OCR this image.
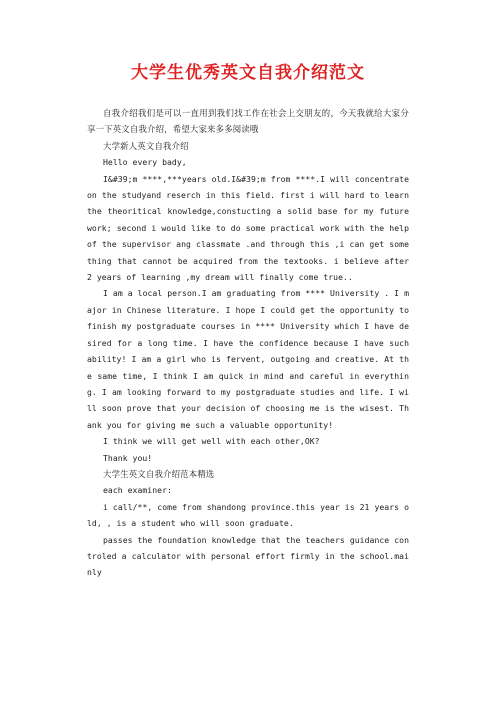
大学生优秀英文自我介绍范文

自我介绍我们是可以一直用到我们找工作在社会上交朋友的，今天我就给大家分享一下英文自我介绍，希望大家来多多阅读哦

大学新人英文自我介绍

Hello every bady,

I&#39;m ****,***years old.I&#39;m from ****.I will concentrate on the studyand reserch in this field. first i will hard to learn the theoritical knowledge,constucting a solid base for my future work; second i would like to do some practical work with the help of the supervisor ang classmate .and through this ,i can get something that cannot be acquired from the textooks. i believe after 2 years of learning ,my dream will finally come true..

I am a local person.I am graduating from **** University . I major in Chinese literature. I hope I could get the opportunity to finish my postgraduate courses in **** University which I have desired for a long time. I have the confidence because I have such ability! I am a girl who is fervent, outgoing and creative. At the same time, I think I am quick in mind and careful in everything. I am looking forward to my postgraduate studies and life. I will soon prove that your decision of choosing me is the wisest. Thank you for giving me such a valuable opportunity!

I think we will get well with each other,OK?

Thank you!

大学生英文自我介绍范本精选

each examiner:

i call/**, come from shandong province.this year is 21 years old, , is a student who will soon graduate.

passes the foundation knowledge that the teachers guidance controled a calculator with personal effort firmly in the school.mainly
